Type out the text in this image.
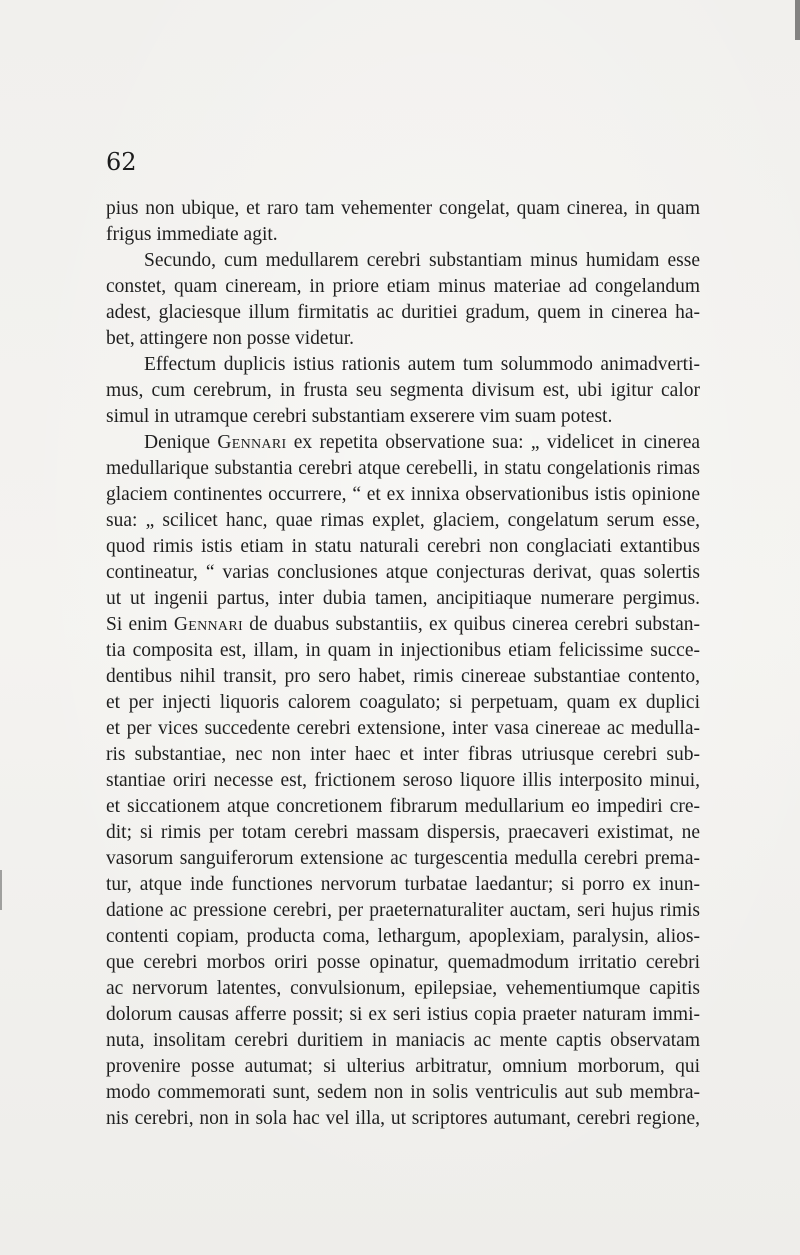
62
pius non ubique, et raro tam vehementer congelat, quam cinerea, in quam
frigus immediate agit.
Secundo, cum medullarem cerebri substantiam minus humidam esse
constet, quam cineream, in priore etiam minus materiae ad congelandum
adest, glaciesque illum firmitatis ac duritiei gradum, quem in cinerea ha-
bet, attingere non posse videtur.
Effectum duplicis istius rationis autem tum solummodo animadverti-
mus, cum cerebrum, in frusta seu segmenta divisum est, ubi igitur calor
simul in utramque cerebri substantiam exserere vim suam potest.
Denique Gennari ex repetita observatione sua: „ videlicet in cinerea
medullarique substantia cerebri atque cerebelli, in statu congelationis rimas
glaciem continentes occurrere, “ et ex innixa observationibus istis opinione
sua: „ scilicet hanc, quae rimas explet, glaciem, congelatum serum esse,
quod rimis istis etiam in statu naturali cerebri non conglaciati extantibus
contineatur, “ varias conclusiones atque conjecturas derivat, quas solertis
ut ut ingenii partus, inter dubia tamen, ancipitiaque numerare pergimus.
Si enim Gennari de duabus substantiis, ex quibus cinerea cerebri substan-
tia composita est, illam, in quam in injectionibus etiam felicissime succe-
dentibus nihil transit, pro sero habet, rimis cinereae substantiae contento,
et per injecti liquoris calorem coagulato; si perpetuam, quam ex duplici
et per vices succedente cerebri extensione, inter vasa cinereae ac medulla-
ris substantiae, nec non inter haec et inter fibras utriusque cerebri sub-
stantiae oriri necesse est, frictionem seroso liquore illis interposito minui,
et siccationem atque concretionem fibrarum medullarium eo impediri cre-
dit; si rimis per totam cerebri massam dispersis, praecaveri existimat, ne
vasorum sanguiferorum extensione ac turgescentia medulla cerebri prema-
tur, atque inde functiones nervorum turbatae laedantur; si porro ex inun-
datione ac pressione cerebri, per praeternaturaliter auctam, seri hujus rimis
contenti copiam, producta coma, lethargum, apoplexiam, paralysin, alios-
que cerebri morbos oriri posse opinatur, quemadmodum irritatio cerebri
ac nervorum latentes, convulsionum, epilepsiae, vehementiumque capitis
dolorum causas afferre possit; si ex seri istius copia praeter naturam immi-
nuta, insolitam cerebri duritiem in maniacis ac mente captis observatam
provenire posse autumat; si ulterius arbitratur, omnium morborum, qui
modo commemorati sunt, sedem non in solis ventriculis aut sub membra-
nis cerebri, non in sola hac vel illa, ut scriptores autumant, cerebri regione,
